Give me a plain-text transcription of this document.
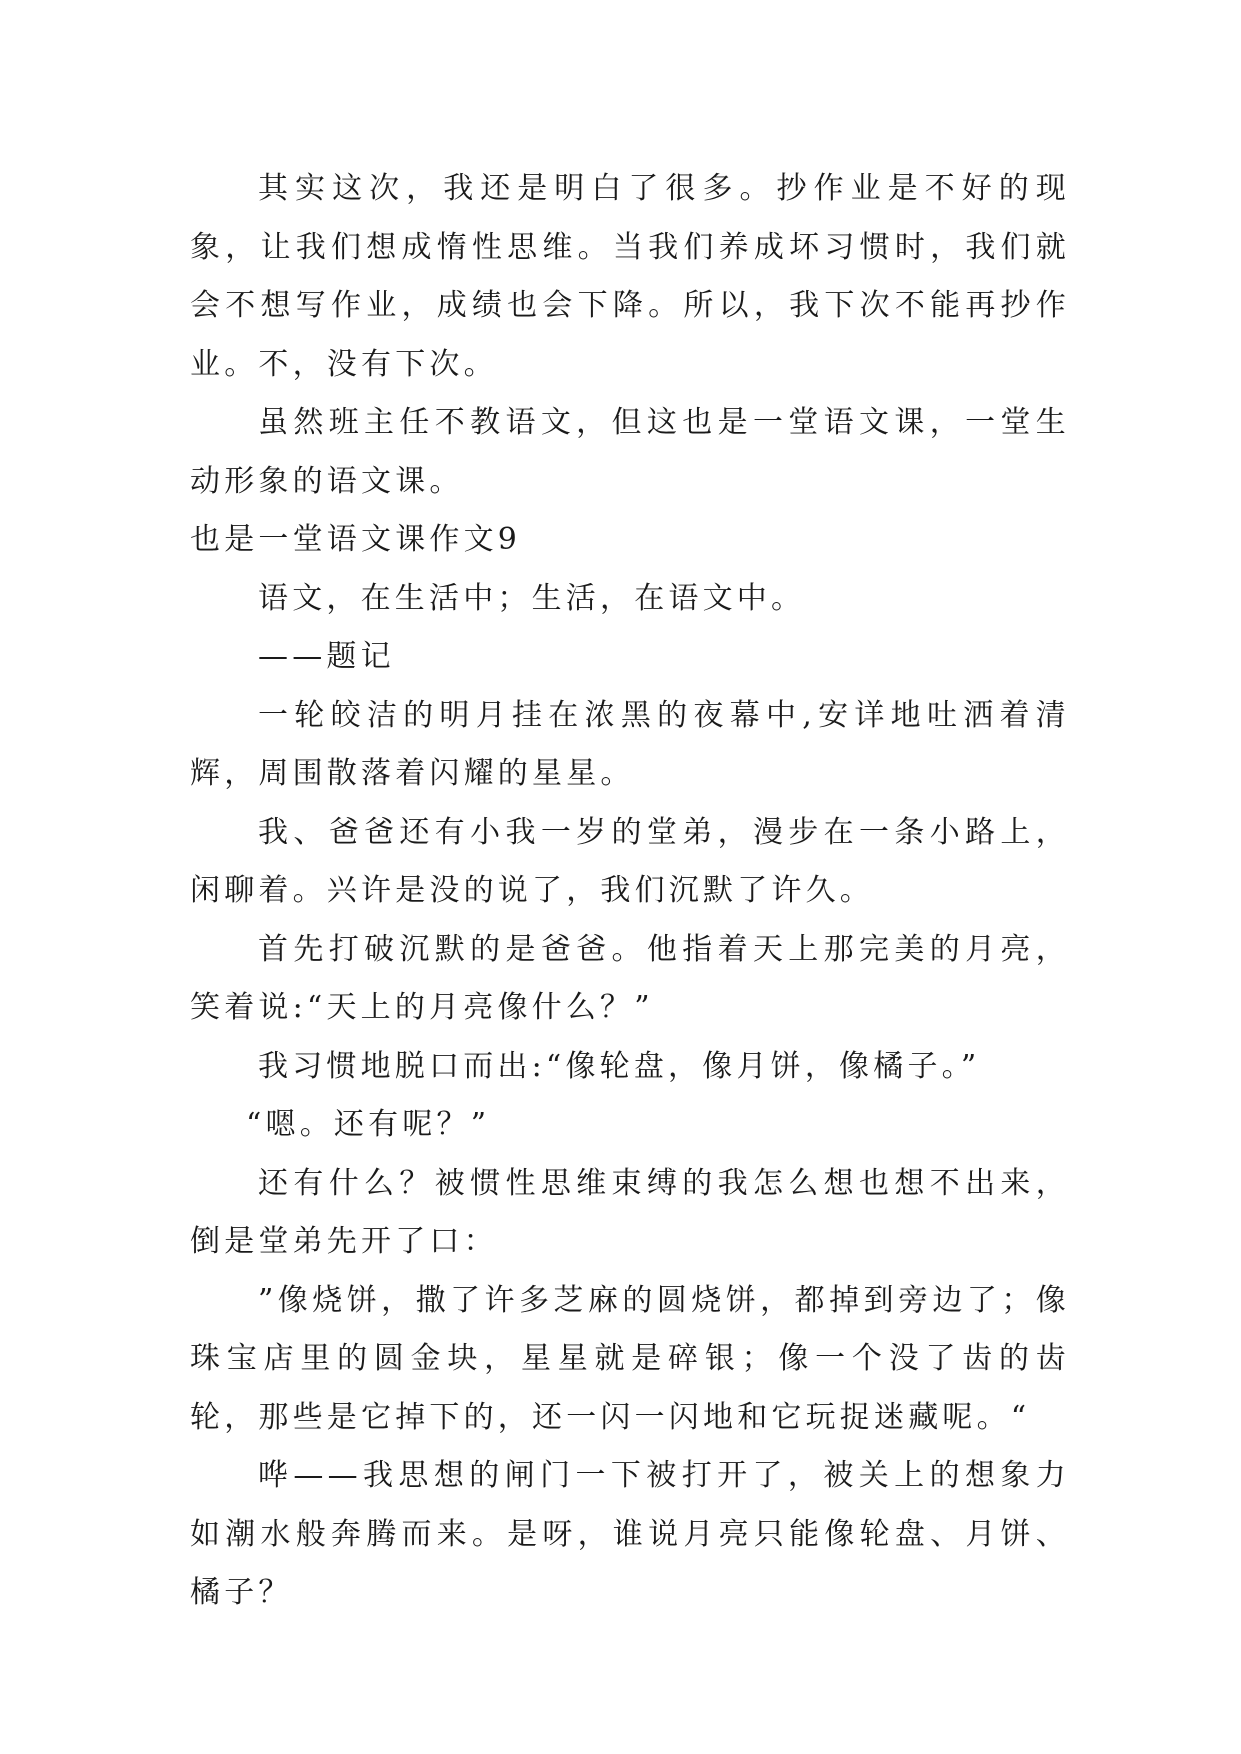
其实这次，我还是明白了很多。抄作业是不好的现象，让我们想成惰性思维。当我们养成坏习惯时，我们就会不想写作业，成绩也会下降。所以，我下次不能再抄作业。不，没有下次。

虽然班主任不教语文，但这也是一堂语文课，一堂生动形象的语文课。

也是一堂语文课作文9

语文，在生活中；生活，在语文中。

——题记

一轮皎洁的明月挂在浓黑的夜幕中,安详地吐洒着清辉，周围散落着闪耀的星星。

我、爸爸还有小我一岁的堂弟，漫步在一条小路上，闲聊着。兴许是没的说了，我们沉默了许久。

首先打破沉默的是爸爸。他指着天上那完美的月亮，笑着说:“天上的月亮像什么？”

我习惯地脱口而出:“像轮盘，像月饼，像橘子。”

“嗯。还有呢？”

还有什么？被惯性思维束缚的我怎么想也想不出来，倒是堂弟先开了口：

”像烧饼，撒了许多芝麻的圆烧饼，都掉到旁边了；像珠宝店里的圆金块，星星就是碎银；像一个没了齿的齿轮，那些是它掉下的，还一闪一闪地和它玩捉迷藏呢。“

哗——我思想的闸门一下被打开了，被关上的想象力如潮水般奔腾而来。是呀，谁说月亮只能像轮盘、月饼、橘子？
